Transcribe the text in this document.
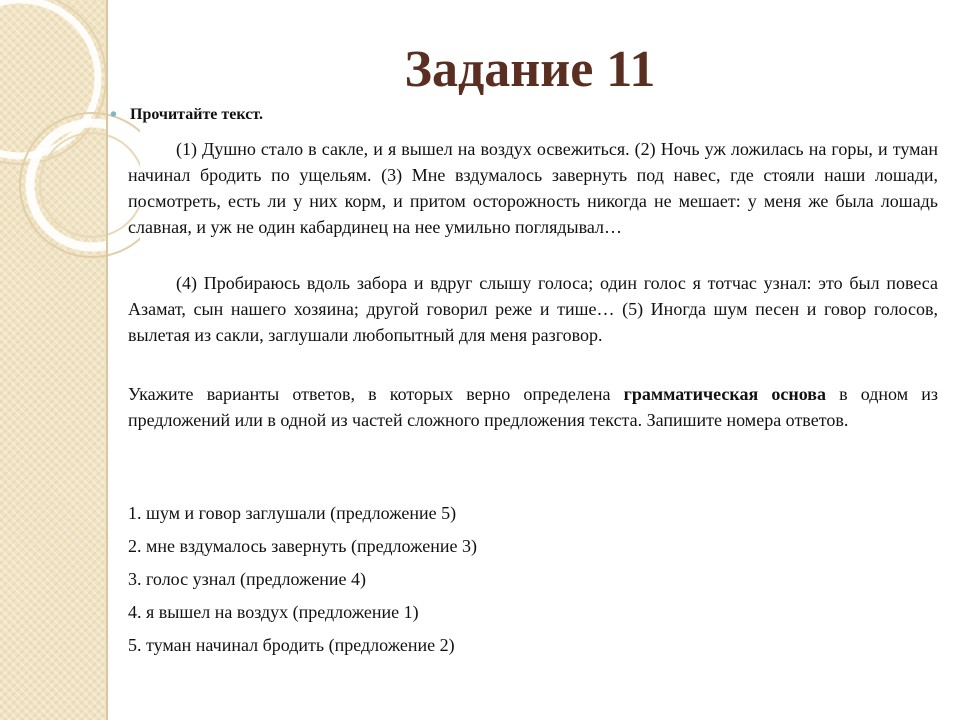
Задание 11
• Прочитайте текст.

(1) Душно стало в сакле, и я вышел на воздух освежиться. (2) Ночь уж ложилась на горы, и туман начинал бродить по ущельям. (3) Мне вздумалось завернуть под навес, где стояли наши лошади, посмотреть, есть ли у них корм, и притом осторожность никогда не мешает: у меня же была лошадь славная, и уж не один кабардинец на нее умильно поглядывал…

(4) Пробираюсь вдоль забора и вдруг слышу голоса; один голос я тотчас узнал: это был повеса Азамат, сын нашего хозяина; другой говорил реже и тише… (5) Иногда шум песен и говор голосов, вылетая из сакли, заглушали любопытный для меня разговор.

Укажите варианты ответов, в которых верно определена грамматическая основа в одном из предложений или в одной из частей сложного предложения текста. Запишите номера ответов.

1. шум и говор заглушали (предложение 5)
2. мне вздумалось завернуть (предложение 3)
3. голос узнал (предложение 4)
4. я вышел на воздух (предложение 1)
5. туман начинал бродить (предложение 2)
